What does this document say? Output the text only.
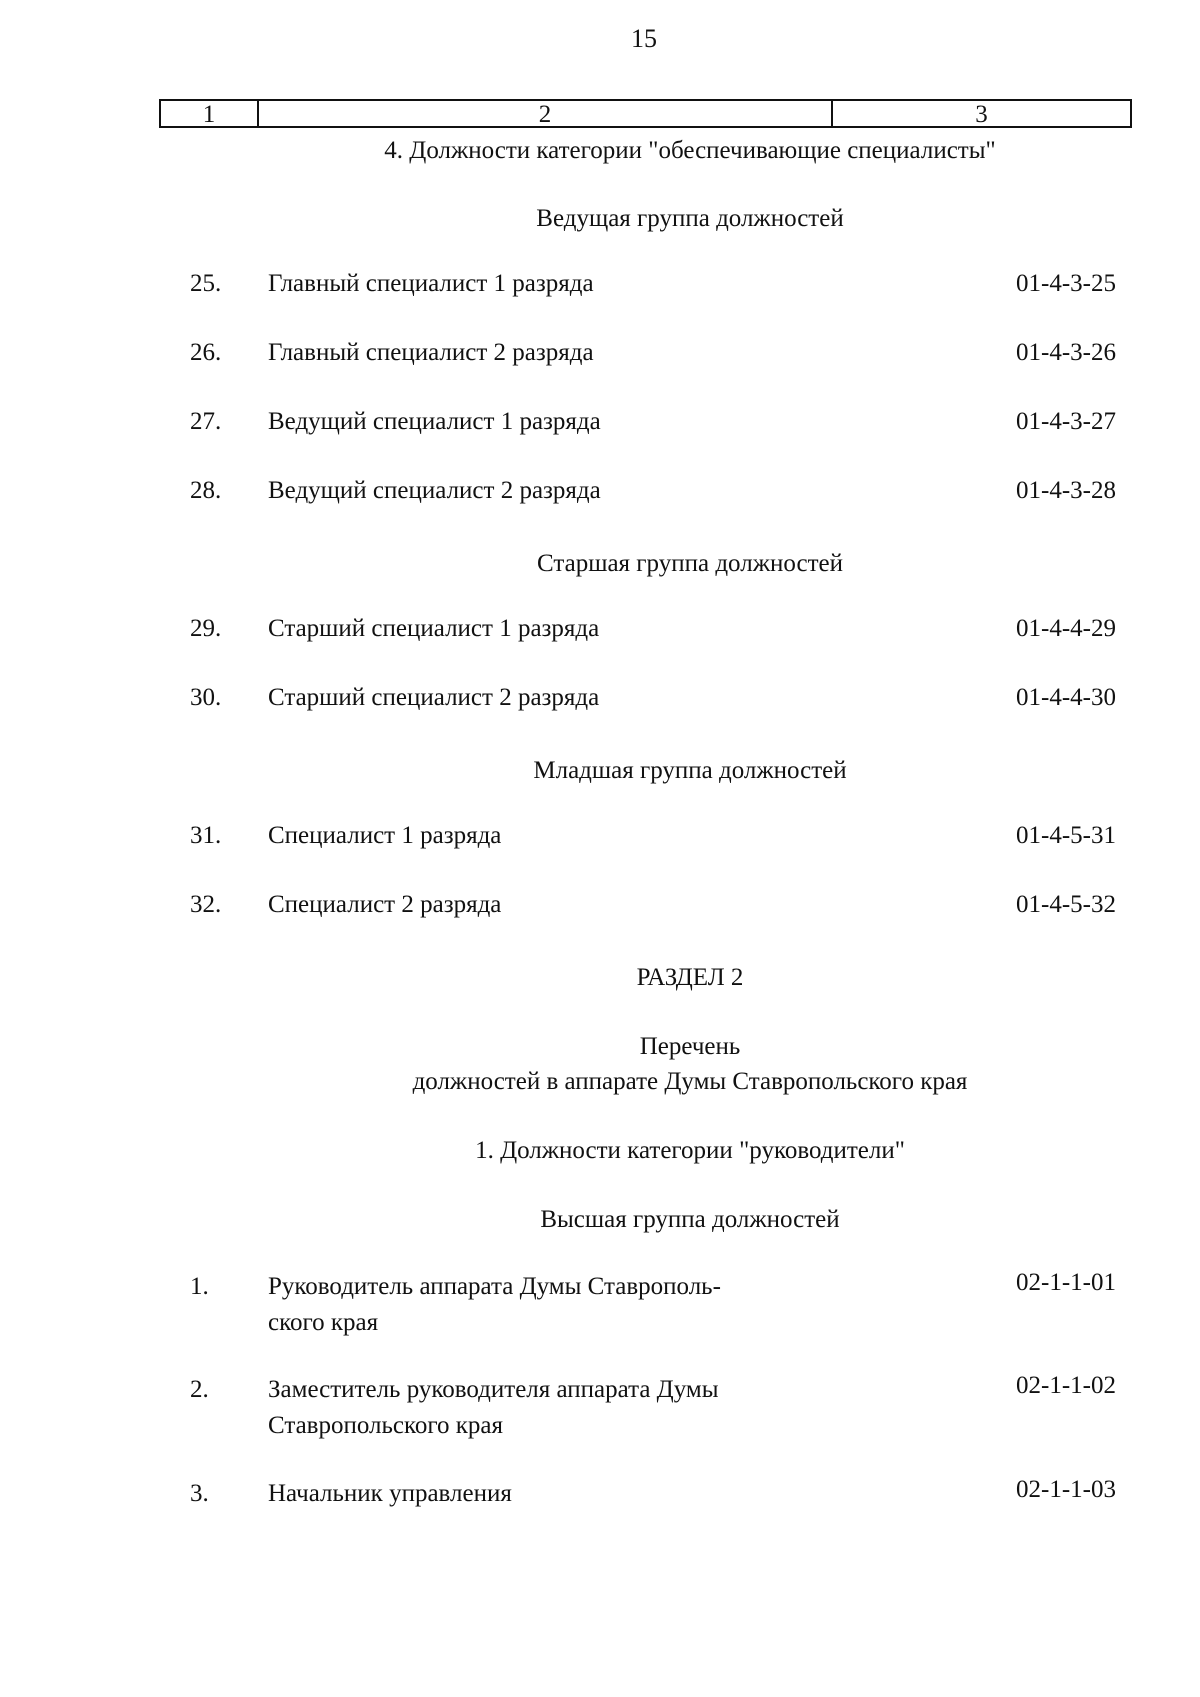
15
1	2	3
4. Должности категории "обеспечивающие специалисты"
Ведущая группа должностей
25. Главный специалист 1 разряда	01-4-3-25
26. Главный специалист 2 разряда	01-4-3-26
27. Ведущий специалист 1 разряда	01-4-3-27
28. Ведущий специалист 2 разряда	01-4-3-28
Старшая группа должностей
29. Старший специалист 1 разряда	01-4-4-29
30. Старший специалист 2 разряда	01-4-4-30
Младшая группа должностей
31. Специалист 1 разряда	01-4-5-31
32. Специалист 2 разряда	01-4-5-32
РАЗДЕЛ 2
Перечень
должностей в аппарате Думы Ставропольского края
1. Должности категории "руководители"
Высшая группа должностей
1. Руководитель аппарата Думы Ставрополь-
ского края
02-1-1-01
2. Заместитель руководителя аппарата Думы
Ставропольского края
02-1-1-02
3. Начальник управления	02-1-1-03
